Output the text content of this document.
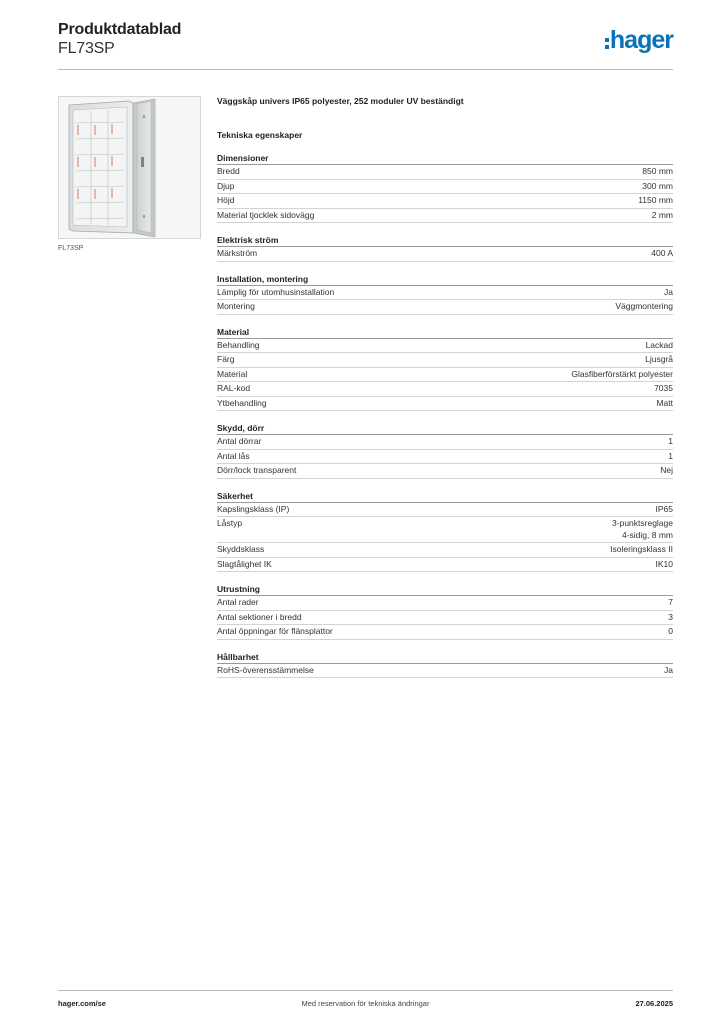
Produktdatablad
FL73SP	hager
FL73SP
Väggskåp univers IP65 polyester, 252 moduler UV beständigt
Tekniska egenskaper
Dimensioner
Bredd	850 mm
Djup	300 mm
Höjd	1150 mm
Material tjocklek sidovägg	2 mm
Elektrisk ström
Märkström	400 A
Installation, montering
Lämplig för utomhusinstallation	Ja
Montering	Väggmontering
Material
Behandling	Lackad
Färg	Ljusgrå
Material	Glasfiberförstärkt polyester
RAL-kod	7035
Ytbehandling	Matt
Skydd, dörr
Antal dörrar	1
Antal lås	1
Dörr/lock transparent	Nej
Säkerhet
Kapslingsklass (IP)	IP65
Låstyp	3-punktsreglage
4-sidig, 8 mm
Skyddsklass	Isoleringsklass II
Slagtålighet IK	IK10
Utrustning
Antal rader	7
Antal sektioner i bredd	3
Antal öppningar för flänsplattor	0
Hållbarhet
RoHS-överensstämmelse	Ja
hager.com/se	Med reservation för tekniska ändringar	27.06.2025
